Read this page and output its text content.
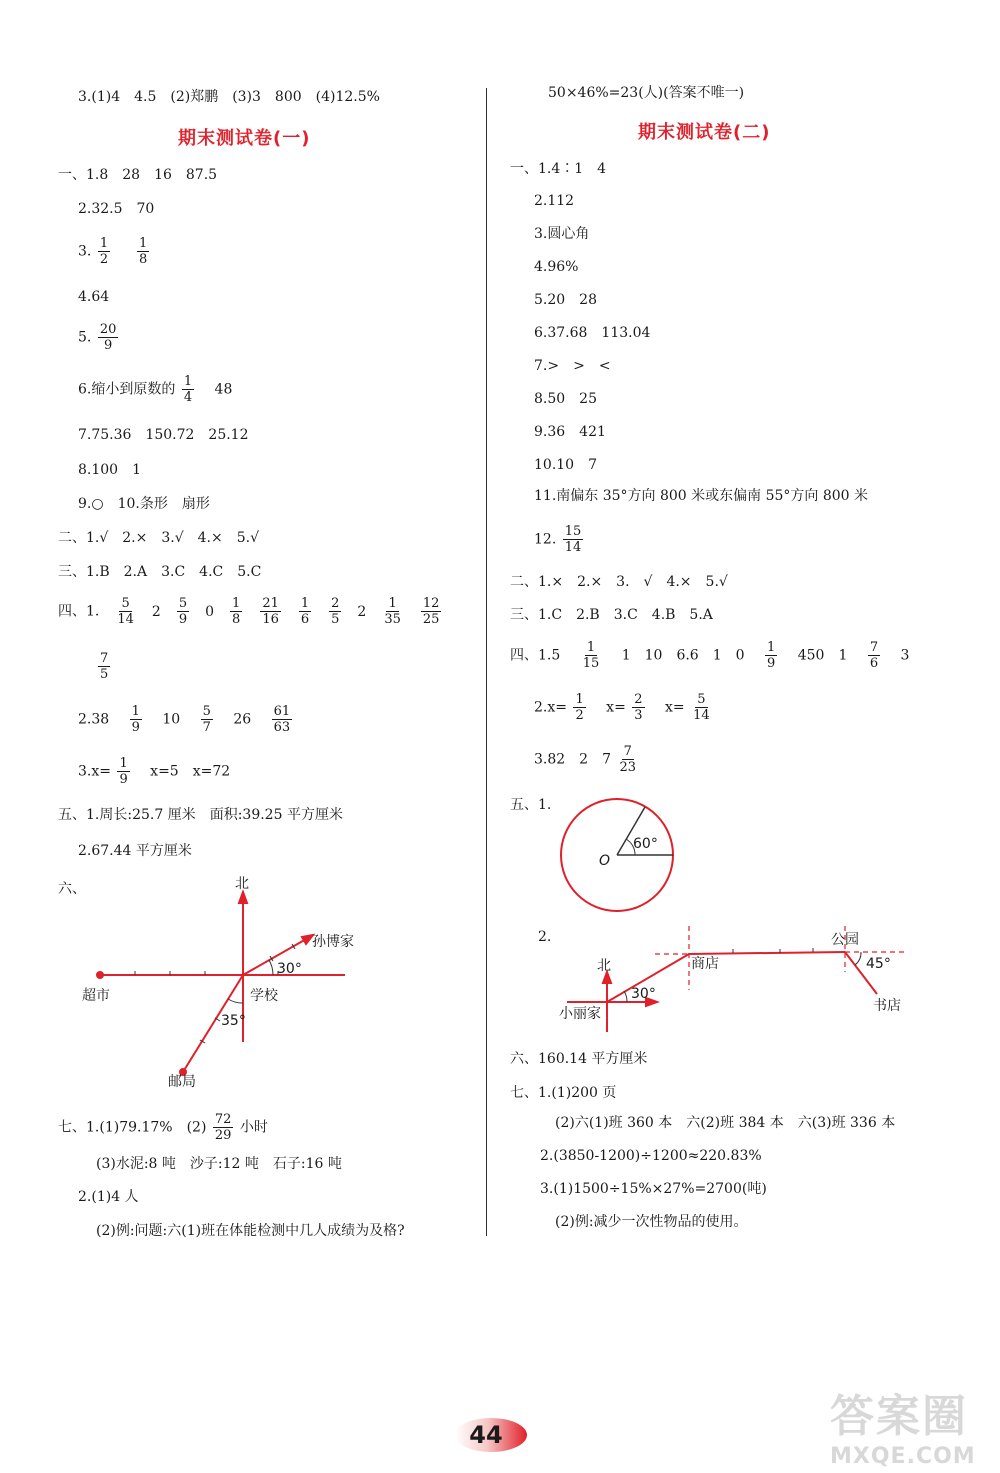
3.(1)4　4.5　(2)郑鹏　(3)3　800　(4)12.5%
期末测试卷(一)
一、1.8　28　16　87.5
2.32.5　70
3. $\frac{1}{2}$
$\frac{1}{8}$
4.64
5. $\frac{20}{9}$
6.缩小到原数的 $\frac{1}{4} 48$
7.75.36　150.72　25.12
8.100　1
9.○　10.条形　扇形
二、1.√　2.×　3.√　4.×　5.√
三、1.B　2.A　3.C　4.C　5.C
四、1. $\frac{5}{14} 2 \frac{5}{9} 0 \frac{1}{8} \frac{21}{16} \frac{1}{6} \frac{2}{5} 2 \frac{1}{35} \frac{12}{25}$
$\frac{7}{5}$
$2.38 \frac{1}{9} 10 \frac{5}{7} 26 \frac{61}{63}$
$3.x= \frac{1}{9} x=5$　x=72
五、1.周长:25.7 厘米　面积:39.25 平方厘米
2.67.44 平方厘米
六、	北
孙博家
超市	学校
邮局
30°
35°
七、1.(1)79.17%　$(2) \frac{72}{29}$ 小时
(3)水泥:8 吨　沙子:12 吨　石子:16 吨
2.(1)4 人
(2)例:问题:六(1)班在体能检测中几人成绩为及格?
50×46%=23(人)(答案不唯一)
期末测试卷(二)
一、1.4∶1　4
2.112
3.圆心角
4.96%
5.20　28
6.37.68　113.04
7.>　>　<
8.50　25
9.36　421
10.10　7
11.南偏东 35°方向 800 米或东偏南 55°方向 800 米
12. $\frac{15}{14}$
二、1.×　2.×　3.　√　4.×　5.√
三、1.C　2.B　3.C　4.B　5.A
四、$1.5 \frac{1}{15} 1$　10　6.6　1　$0 \frac{1}{9} 450$　$1 \frac{7}{6} 3$
$2.x= \frac{1}{2} x= \frac{2}{3} x= \frac{5}{14}$
3.82　2　$7 \frac{7}{23}$
五、1.
O
60°
2.
北
小丽家
商店
公园
书店
30°
45°
六、160.14 平方厘米
七、1.(1)200 页
(2)六(1)班 360 本　六(2)班 384 本　六(3)班 336 本
2.(3850-1200)÷1200≈220.83%
3.(1)1500÷15%×27%=2700(吨)
(2)例:减少一次性物品的使用。
44	答案圈
MXQE.COM
